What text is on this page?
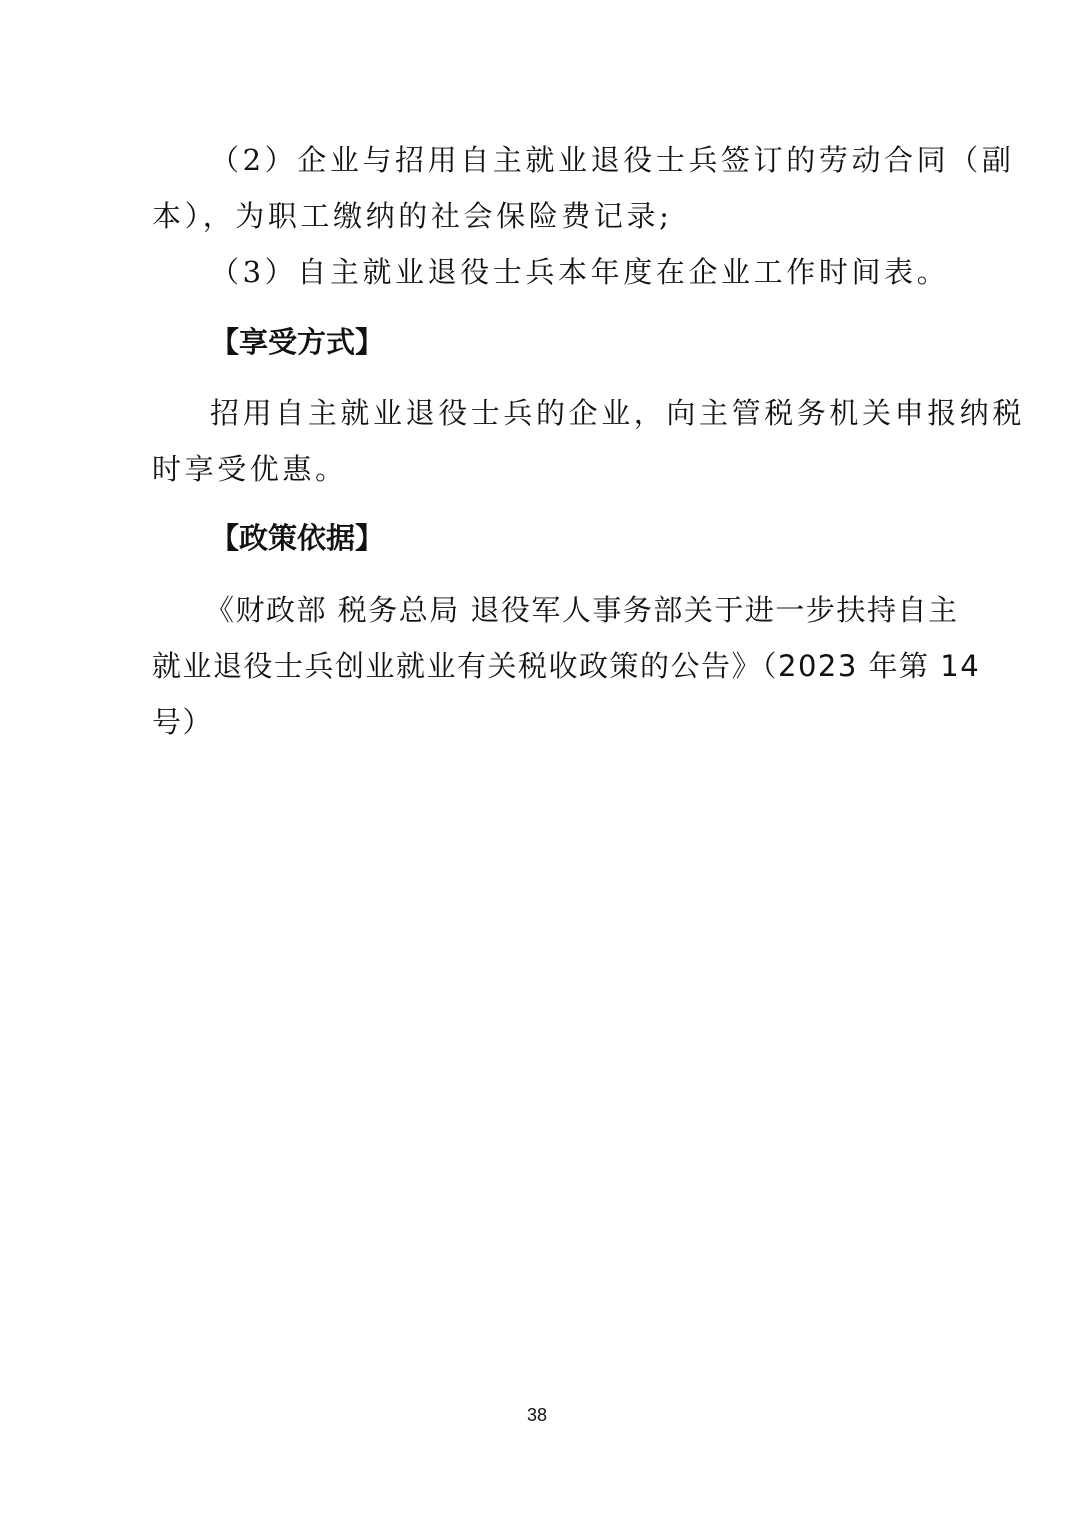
（2）企业与招用自主就业退役士兵签订的劳动合同（副
本），为职工缴纳的社会保险费记录;
（3）自主就业退役士兵本年度在企业工作时间表。
【享受方式】
招用自主就业退役士兵的企业，向主管税务机关申报纳税
时享受优惠。
【政策依据】
《财政部 税务总局 退役军人事务部关于进一步扶持自主
就业退役士兵创业就业有关税收政策的公告》（2023 年第 14
号）
38
